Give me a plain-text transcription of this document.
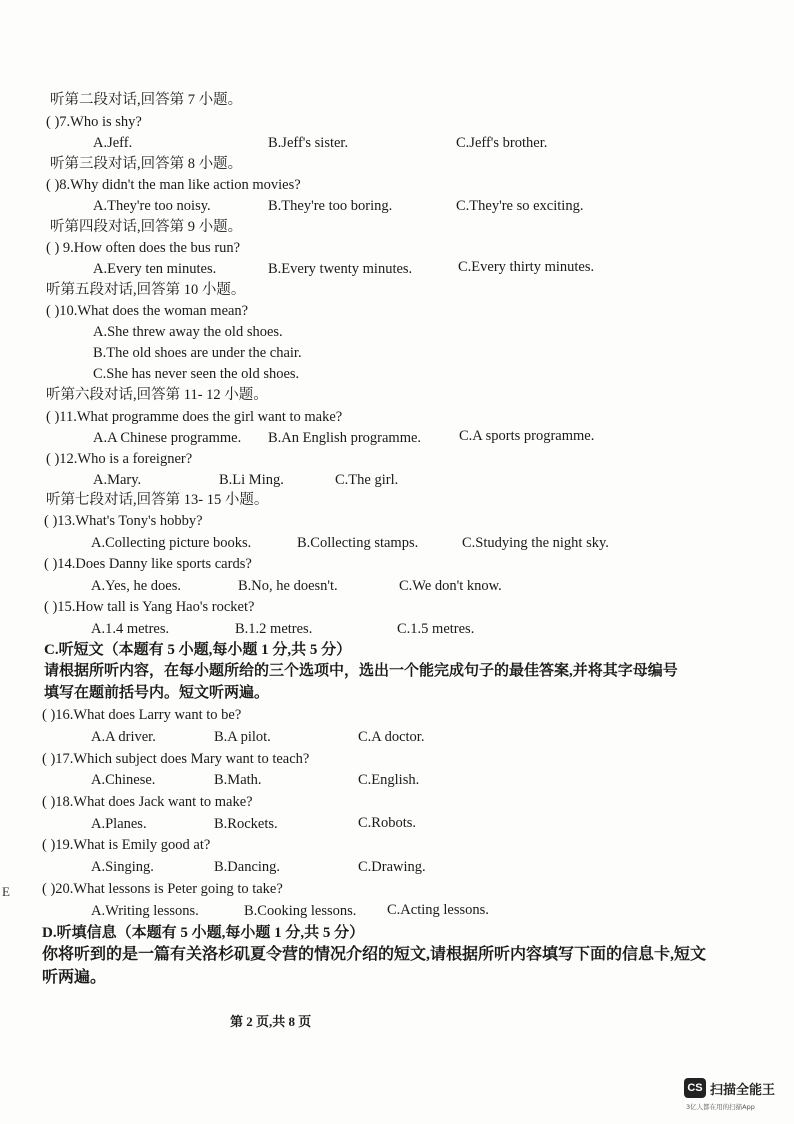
听第二段对话,回答第 7 小题。
( )7.Who is shy?
A.Jeff.	B.Jeff's sister.	C.Jeff's brother.
听第三段对话,回答第 8 小题。
( )8.Why didn't the man like action movies?
A.They're too noisy.	B.They're too boring.	C.They're so exciting.
听第四段对话,回答第 9 小题。
( ) 9.How often does the bus run?
A.Every ten minutes.	B.Every twenty minutes.	C.Every thirty minutes.
听第五段对话,回答第 10 小题。
( )10.What does the woman mean?
A.She threw away the old shoes.
B.The old shoes are under the chair.
C.She has never seen the old shoes.
听第六段对话,回答第 11- 12 小题。
( )11.What programme does the girl want to make?
A.A Chinese programme. B.An English programme.	C.A sports programme.
( )12.Who is a foreigner?
A.Mary.	B.Li Ming.	C.The girl.
听第七段对话,回答第 13- 15 小题。
( )13.What's Tony's hobby?
A.Collecting picture books.	B.Collecting stamps.	C.Studying the night sky.
( )14.Does Danny like sports cards?
A.Yes, he does.	B.No, he doesn't.	C.We don't know.
( )15.How tall is Yang Hao's rocket?
A.1.4 metres.	B.1.2 metres.	C.1.5 metres.
C.听短文（本题有 5 小题,每小题 1 分,共 5 分）
请根据所听内容，在每小题所给的三个选项中，选出一个能完成句子的最佳答案,并将其字母编号
填写在题前括号内。短文听两遍。
( )16.What does Larry want to be?
A.A driver.	B.A pilot.	C.A doctor.
( )17.Which subject does Mary want to teach?
A.Chinese.	B.Math.	C.English.
( )18.What does Jack want to make?
A.Planes.	B.Rockets.	C.Robots.
( )19.What is Emily good at?
A.Singing.	B.Dancing.	C.Drawing.
( )20.What lessons is Peter going to take?
A.Writing lessons.	B.Cooking lessons. C.Acting lessons.
D.听填信息（本题有 5 小题,每小题 1 分,共 5 分）
你将听到的是一篇有关洛杉矶夏令营的情况介绍的短文,请根据所听内容填写下面的信息卡,短文
听两遍。
第 2 页,共 8 页
E
CS 扫描全能王
3亿人都在用的扫描App
